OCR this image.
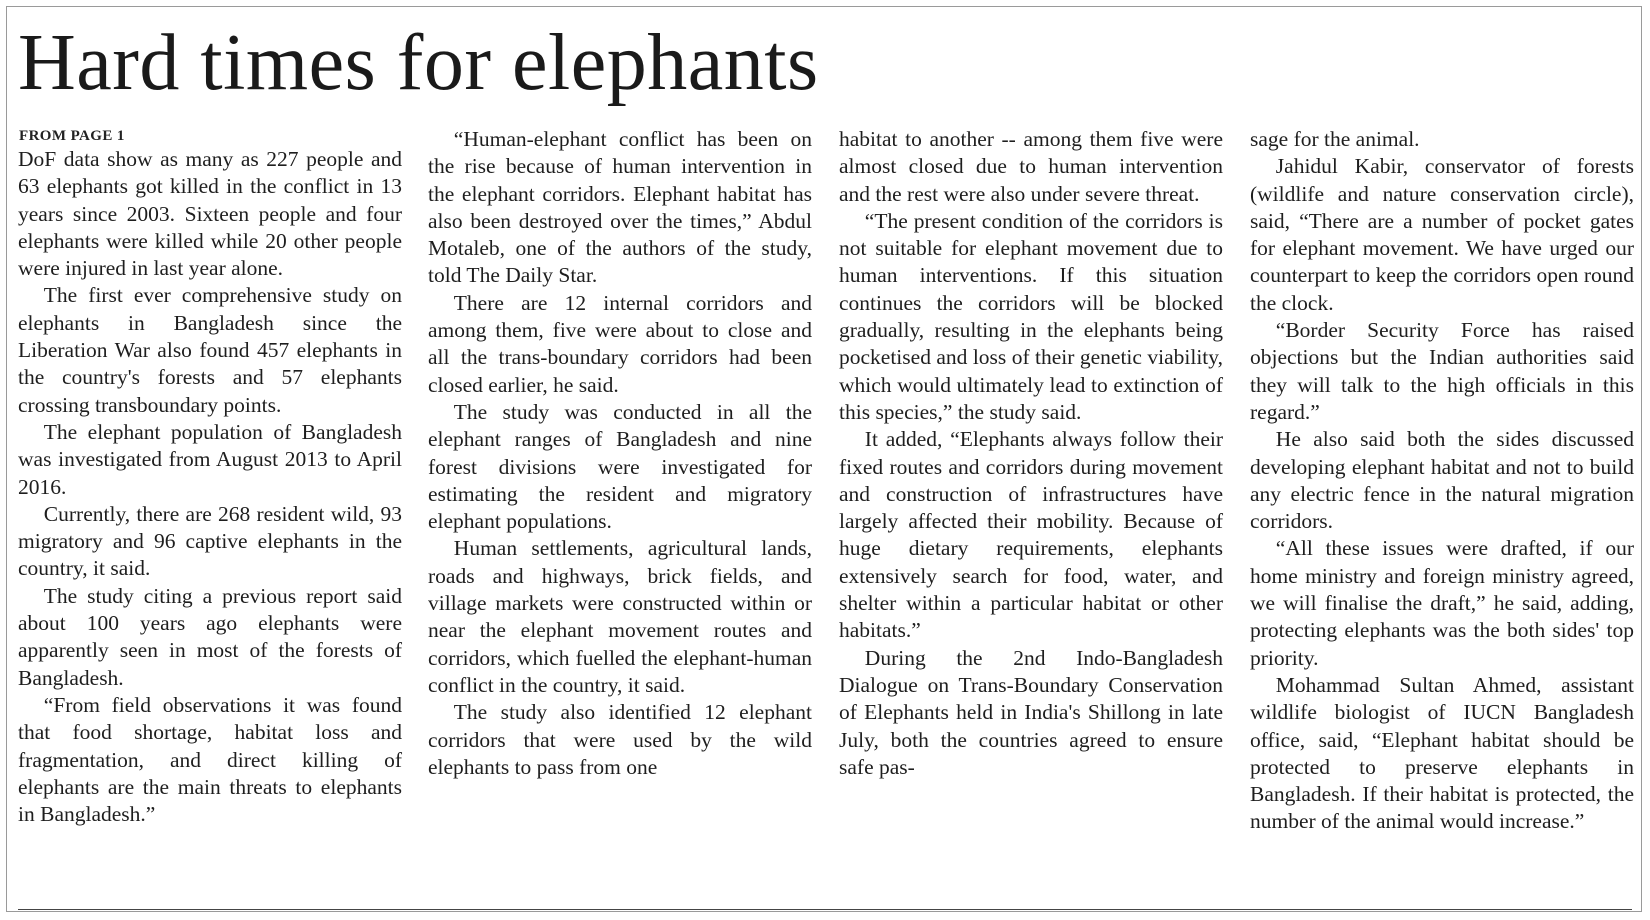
Hard times for elephants
FROM PAGE 1

DoF data show as many as 227 people and 63 elephants got killed in the conflict in 13 years since 2003. Sixteen people and four elephants were killed while 20 other people were injured in last year alone.

The first ever comprehensive study on elephants in Bangladesh since the Liberation War also found 457 elephants in the country's forests and 57 elephants crossing transboundary points.

The elephant population of Bangladesh was investigated from August 2013 to April 2016.

Currently, there are 268 resident wild, 93 migratory and 96 captive elephants in the country, it said.

The study citing a previous report said about 100 years ago elephants were apparently seen in most of the forests of Bangladesh.

“From field observations it was found that food shortage, habitat loss and fragmentation, and direct killing of elephants are the main threats to elephants in Bangladesh.”

“Human-elephant conflict has been on the rise because of human intervention in the elephant corridors. Elephant habitat has also been destroyed over the times,” Abdul Motaleb, one of the authors of the study, told The Daily Star.

There are 12 internal corridors and among them, five were about to close and all the trans-boundary corridors had been closed earlier, he said.

The study was conducted in all the elephant ranges of Bangladesh and nine forest divisions were investigated for estimating the resident and migratory elephant populations.

Human settlements, agricultural lands, roads and highways, brick fields, and village markets were constructed within or near the elephant movement routes and corridors, which fuelled the elephant-human conflict in the country, it said.

The study also identified 12 elephant corridors that were used by the wild elephants to pass from one

habitat to another -- among them five were almost closed due to human intervention and the rest were also under severe threat.

“The present condition of the corridors is not suitable for elephant movement due to human interventions. If this situation continues the corridors will be blocked gradually, resulting in the elephants being pocketised and loss of their genetic viability, which would ultimately lead to extinction of this species,” the study said.

It added, “Elephants always follow their fixed routes and corridors during movement and construction of infrastructures have largely affected their mobility. Because of huge dietary requirements, elephants extensively search for food, water, and shelter within a particular habitat or other habitats.”

During the 2nd Indo-Bangladesh Dialogue on Trans-Boundary Conservation of Elephants held in India's Shillong in late July, both the countries agreed to ensure safe pas-

sage for the animal.

Jahidul Kabir, conservator of forests (wildlife and nature conservation circle), said, “There are a number of pocket gates for elephant movement. We have urged our counterpart to keep the corridors open round the clock.

“Border Security Force has raised objections but the Indian authorities said they will talk to the high officials in this regard.”

He also said both the sides discussed developing elephant habitat and not to build any electric fence in the natural migration corridors.

“All these issues were drafted, if our home ministry and foreign ministry agreed, we will finalise the draft,” he said, adding, protecting elephants was the both sides' top priority.

Mohammad Sultan Ahmed, assistant wildlife biologist of IUCN Bangladesh office, said, “Elephant habitat should be protected to preserve elephants in Bangladesh. If their habitat is protected, the number of the animal would increase.”
